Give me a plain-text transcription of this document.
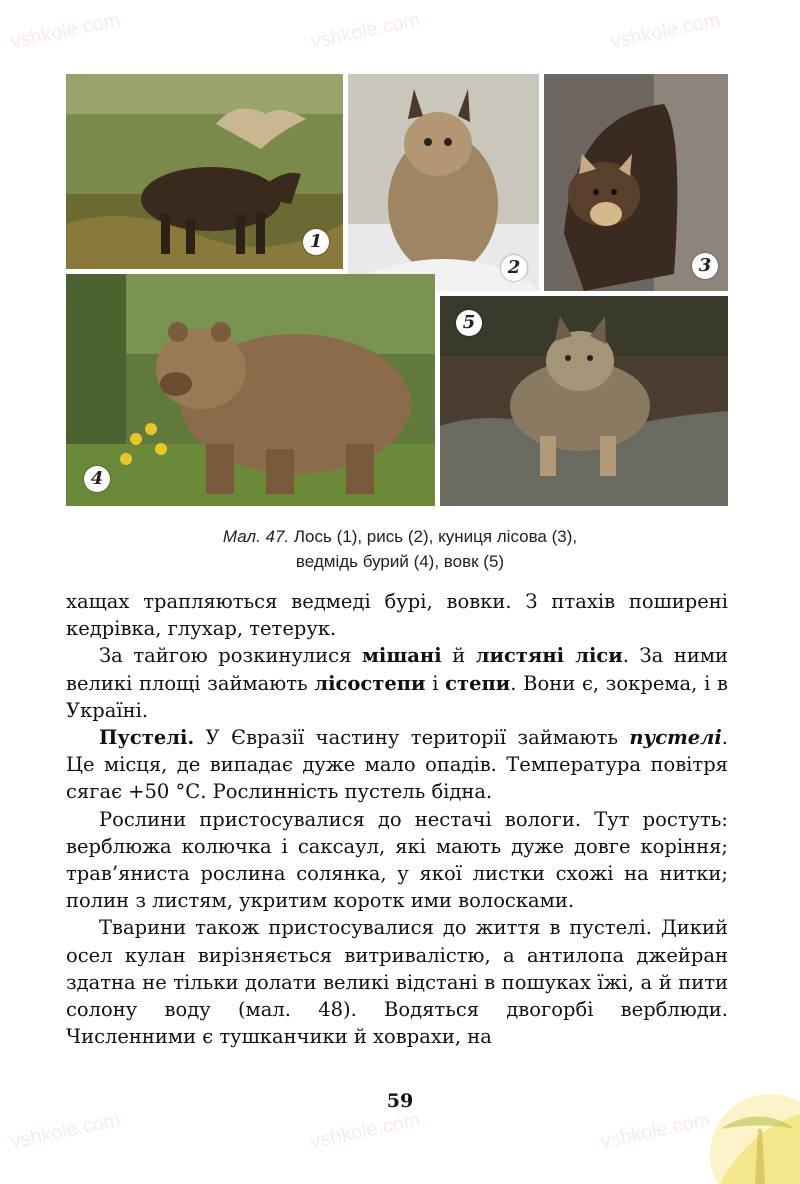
vshkole.com	vshkole.com	vshkole.com
vshkole.com	vshkole.com	vshkole.com
1
2	3
4
5
Мал. 47. Лось (1), рись (2), куниця лісова (3),
ведмідь бурий (4), вовк (5)

хащах трапляються ведмеді бурі, вовки. З птахів поширені кедрівка, глухар, тетерук.

За тайгою розкинулися мішані й листяні ліси. За ними великі площі займають лісостепи і степи. Вони є, зокрема, і в Україні.

Пустелі. У Євразії частину території займають пустелі. Це місця, де випадає дуже мало опадів. Температура повітря сягає +50 °С. Рослинність пустель бідна.

Рослини пристосувалися до нестачі вологи. Тут ростуть: верблюжа колючка і саксаул, які мають дуже довге коріння; трав’яниста рослина солянка, у якої листки схожі на нитки; полин з листям, укритим коротк ими волосками.

Тварини також пристосувалися до життя в пустелі. Дикий осел кулан вирізняється витривалістю, а антилопа джейран здатна не тільки долати великі відстані в пошуках їжі, а й пити солону воду (мал. 48). Водяться двогорбі верблюди. Численними є тушканчики й ховрахи, на

59
